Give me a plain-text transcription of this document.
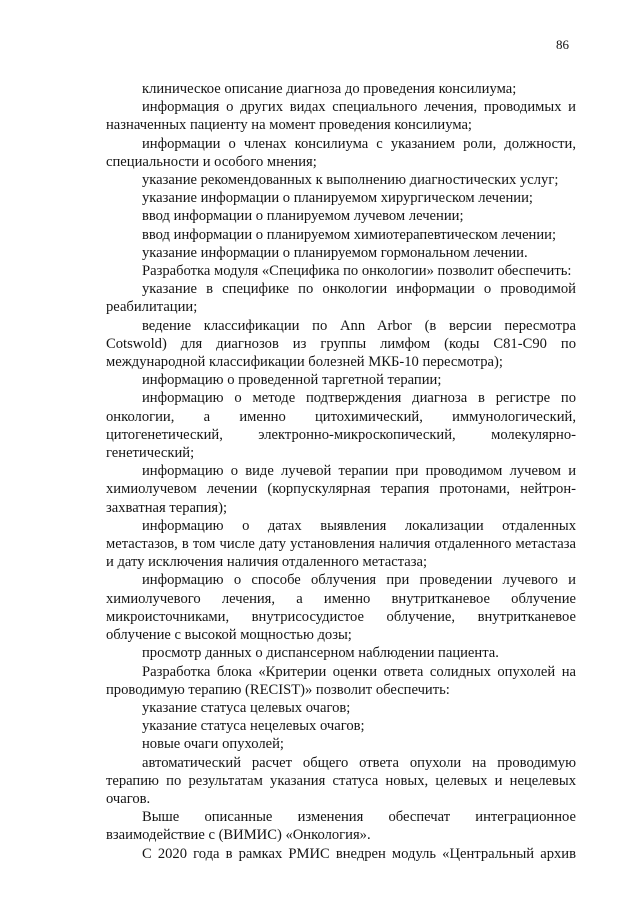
86

клиническое описание диагноза до проведения консилиума;

информация о других видах специального лечения, проводимых и назначенных пациенту на момент проведения консилиума;

информации о членах консилиума с указанием роли, должности, специальности и особого мнения;

указание рекомендованных к выполнению диагностических услуг;

указание информации о планируемом хирургическом лечении;

ввод информации о планируемом лучевом лечении;

ввод информации о планируемом химиотерапевтическом лечении;

указание информации о планируемом гормональном лечении.

Разработка модуля «Специфика по онкологии» позволит обеспечить:

указание в специфике по онкологии информации о проводимой реабилитации;

ведение классификации по Ann Arbor (в версии пересмотра Cotswold) для диагнозов из группы лимфом (коды С81-С90 по международной классификации болезней МКБ-10 пересмотра);

информацию о проведенной таргетной терапии;

информацию о методе подтверждения диагноза в регистре по онкологии, а именно цитохимический, иммунологический, цитогенетический, электронно-микроскопический, молекулярно-генетический;

информацию о виде лучевой терапии при проводимом лучевом и химиолучевом лечении (корпускулярная терапия протонами, нейтрон-захватная терапия);

информацию о датах выявления локализации отдаленных метастазов, в том числе дату установления наличия отдаленного метастаза и дату исключения наличия отдаленного метастаза;

информацию о способе облучения при проведении лучевого и химиолучевого лечения, а именно внутритканевое облучение микроисточниками, внутрисосудистое облучение, внутритканевое облучение с высокой мощностью дозы;

просмотр данных о диспансерном наблюдении пациента.

Разработка блока «Критерии оценки ответа солидных опухолей на проводимую терапию (RECIST)» позволит обеспечить:

указание статуса целевых очагов;

указание статуса нецелевых очагов;

новые очаги опухолей;

автоматический расчет общего ответа опухоли на проводимую терапию по результатам указания статуса новых, целевых и нецелевых очагов.

Выше описанные изменения обеспечат интеграционное взаимодействие с (ВИМИС) «Онкология».

С 2020 года в рамках РМИС внедрен модуль «Центральный архив
